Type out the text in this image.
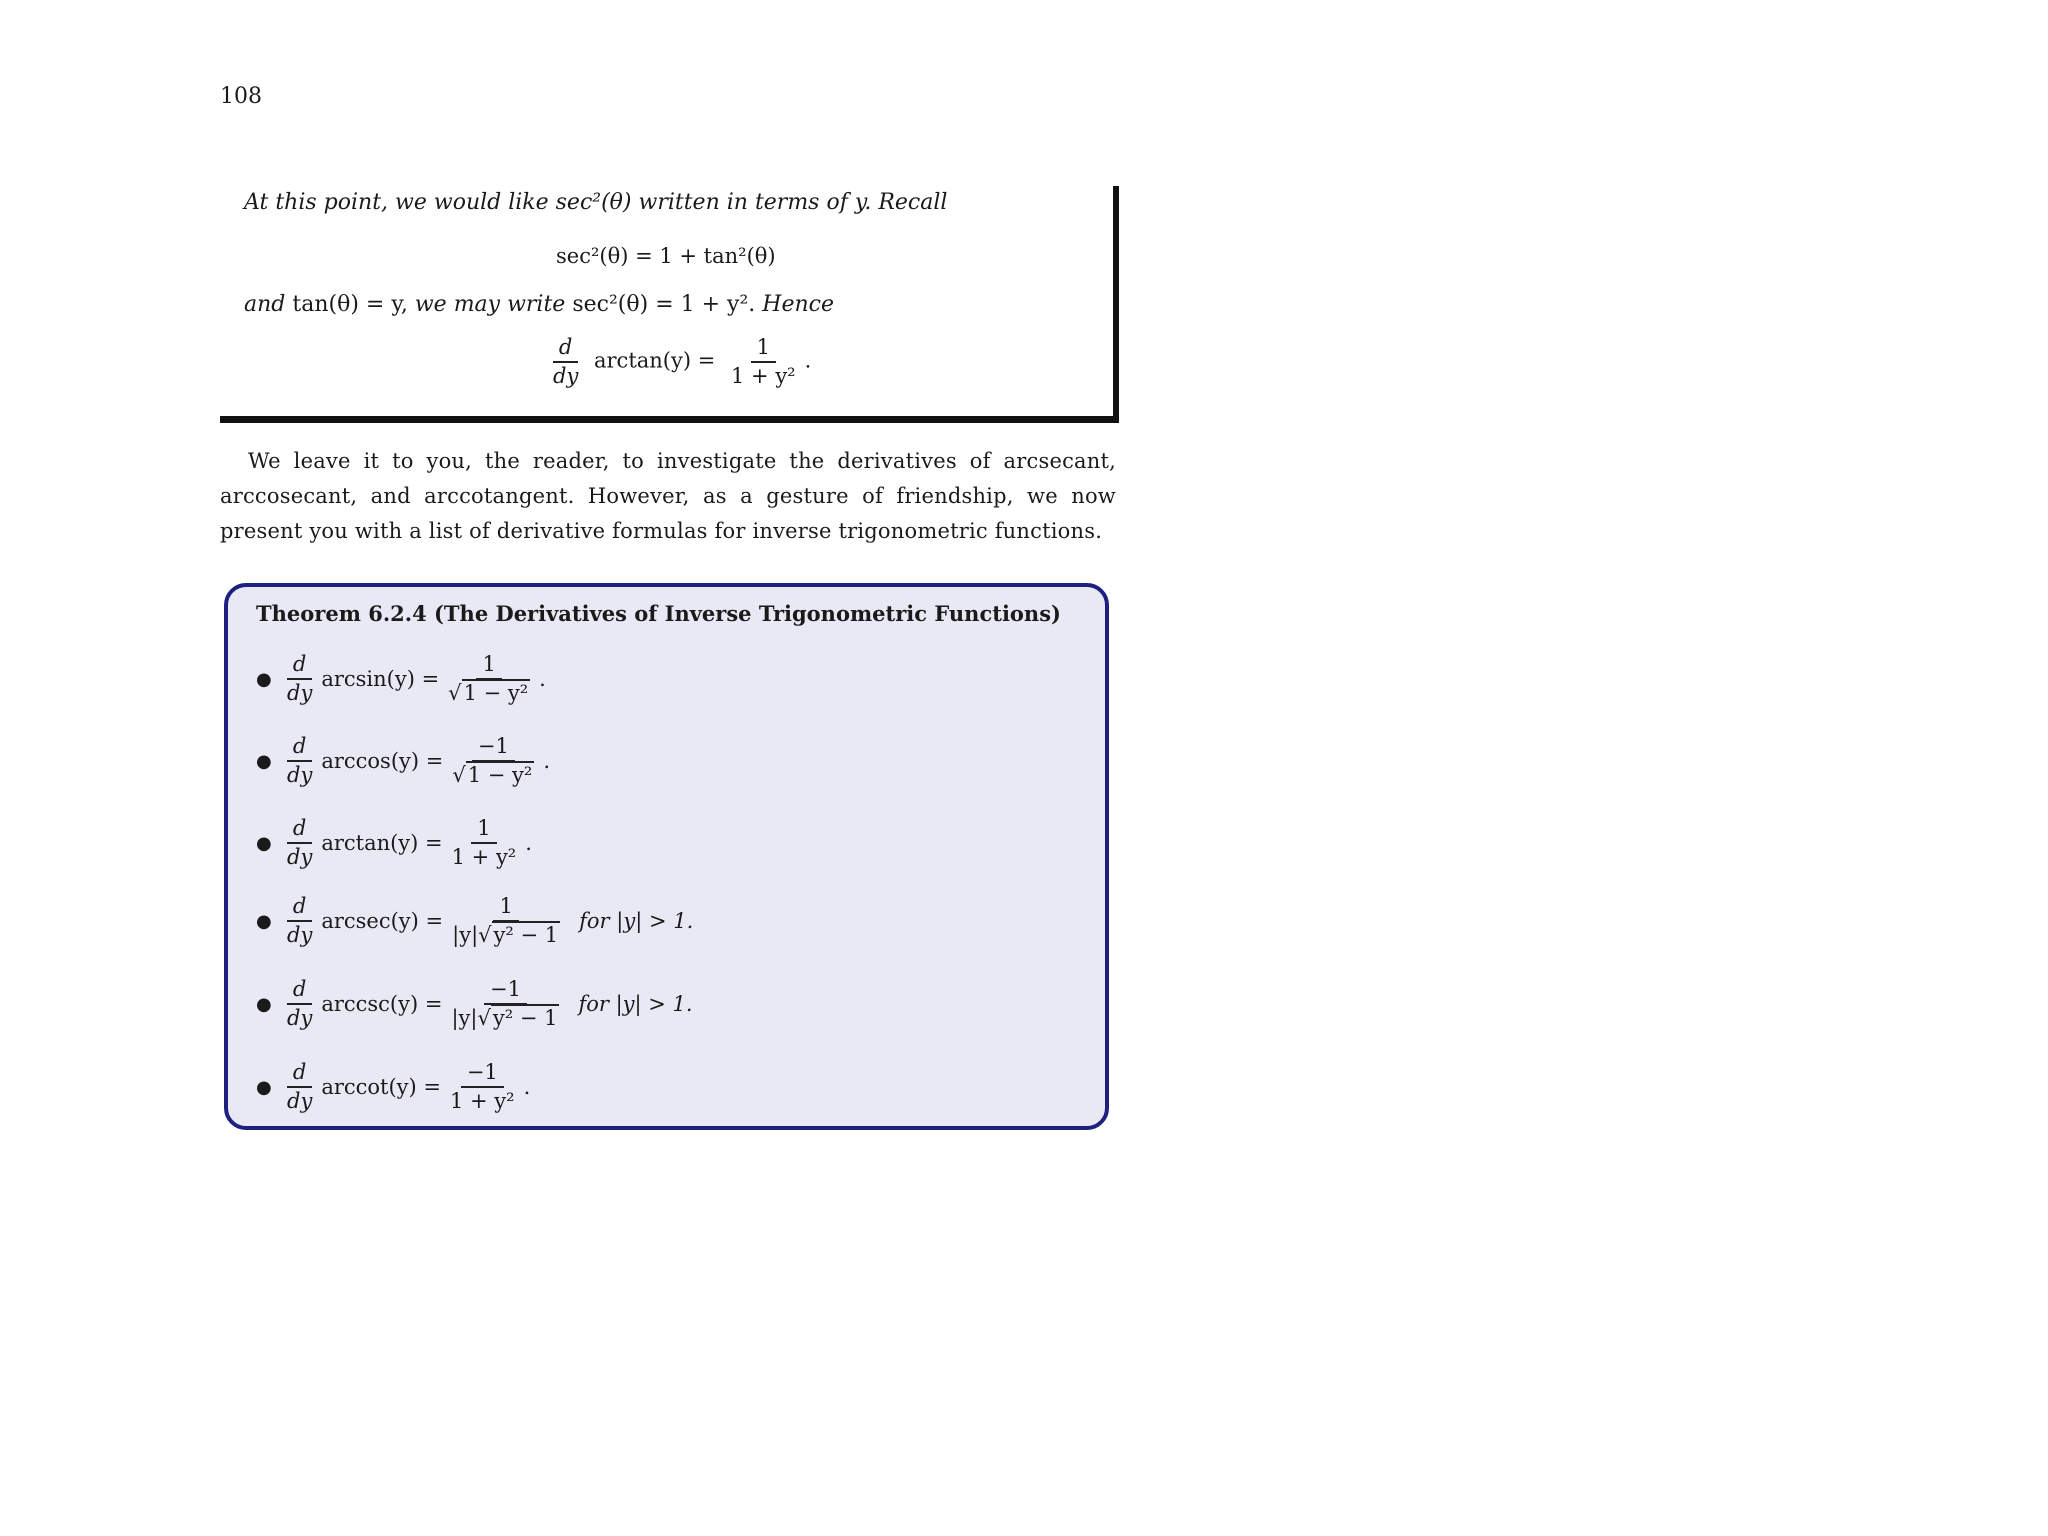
108
At this point, we would like sec²(θ) written in terms of y. Recall
sec²(θ) = 1 + tan²(θ)
and tan(θ) = y, we may write sec²(θ) = 1 + y². Hence
$\frac{d}{dy} \arctan(y) = \frac{1}{\text{1 + y²}}$ .
We leave it to you, the reader, to investigate the derivatives of arcsecant, arccosecant, and arccotangent. However, as a gesture of friendship, we now present you with a list of derivative formulas for inverse trigonometric functions.
Theorem 6.2.4 (The Derivatives of Inverse Trigonometric Functions)
● $\frac{d}{dy} \arcsin(y) = \frac{1}{\text{√1 − y²}}$ .
● $\frac{d}{dy} \arccos(y) = \frac{-1}{\text{√1 − y²}}$ .
● $\frac{d}{dy} \arctan(y) = \frac{1}{\text{1 + y²}}$ .
● $\frac{d}{dy} arcsec(y) = \frac{1}{\text{|y|√y² − 1}}$ for |y| > 1.
● $\frac{d}{dy} arccsc(y) = \frac{-1}{\text{|y|√y² − 1}}$ for |y| > 1.
● $\frac{d}{dy} arccot(y) = \frac{-1}{\text{1 + y²}}$ .
